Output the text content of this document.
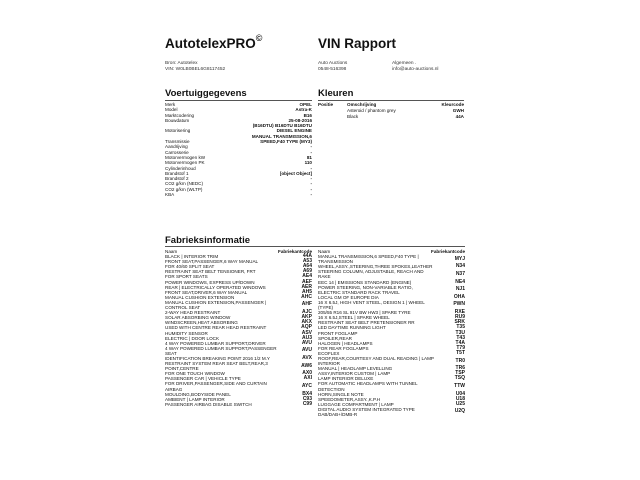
AutotelexPRO©	VIN Rapport
Bron: Autotelex
VIN: W0LB0BEL6G8117452
Auto Auctions
0548-516398
Algemeen .
info@auto-auctions.nl
Voertuiggegevens
Merk	OPEL
Model	Astra-K
Marktcodering	B16
Bouwdatum	25-08-2016
(B16DTU) B16DTU B16DTU
Motorisering	DIESEL ENGINE
MANUAL TRANSMISSION,6
Transmissie	SPEED,F40 TYPE (MY3)
Aandrijving	-
Carrosserie	-
Motorvermogen kW	81
Motorvermogen PK	110
Cylinderinhoud	-
Brandstof 1	[object Object]
Brandstof 2	-
CO2 g/km (NEDC)	-
CO2 g/km (WLTP)	-
KBA	-
Kleuren
Positie	Omschrijving	Kleurcode
Asteroid / phantom grey	GWH
Black	44A
Fabrieksinformatie
Naam	Fabriekantcode
BLACK | INTERIOR TRIM	44A
FRONT SEAT,PASSENGER,6 WAY MANUAL	A53
FOR 40/60 SPLIT SEAT	A64
RESTRAINT SEAT BELT TENSIONER, FRT	A69
FOR SPORT SEATS	AE4
POWER WINDOWS, EXPRESS UP/DOWN	AEF
REAR | ELECTRICALLY OPERATED WINDOWS	AER
FRONT SEAT,DRIVER,6 WAY MANUAL	AH5
MANUAL CUSHION EXTENSION	AHC
MANUAL CUSHION EXTENSION,PASSENGER | CONTROL SEAT
AHF
2-WAY HEAD RESTRAINT	AJC
SOLAR ABSORBING WINDOW	AKP
WINDSCREEN,HEAT ABSORBING	AKX
USED WITH CENTRE REAR HEAD RESTRAINT	AQP
HUMIDITY SENSOR	ASV
ELECTRIC | DOOR LOCK	AU3
4 WAY POWERED LUMBAR SUPPORT,DRIVER	AVU
4 WAY POWERED LUMBAR SUPPORT,PASSENGER SEAT
AVU
IDENTIFICATION BREAKING POINT 2016 1/2 M.Y	AVX
RESTRAINT SYSTEM REAR SEAT BELT,REAR,3 POINT,CENTRE
AW6
FOR ONE TOUCH WINDOW	AX0
PASSENGER CAR | VEHICLE TYPE	AXI
FOR DRIVER,PASSENGER,SIDE AND CURTAIN AIRBAG
AYC
MOULDING,BODYSIDE PANEL	BX4
AMBIENT | LAMP INTERIOR	C93
PASSENGER AIRBAG DISABLE SWITCH	C99
Naam	Fabriekantcode
MANUAL TRANSMISSION,6 SPEED,F40 TYPE | TRANSMISSION
MYJ
WHEEL,ASSY.,STEERING,THREE SPOKES,LEATHER	N34
STEERING COLUMN, ADJUSTABLE, REACH AND RAKE
N37
EEC 14 | EMISSIONS STANDARD (ENGINE)	NE4
POWER STEERING, NON-VARIABLE RATIO, ELECTRIC STANDARD RACK TRAVEL
NJ1
LOCAL GM OF EUROPE DIA	OHA
16 X 6.5J, HIGH VENT STEEL, DESIGN 1 | WHEEL (TYPE)
PWN
205/55 R16 SL 91V BW HW3 | SPARE TYRE	RXE
16 X 6.5J,STEEL | SPARE WHEEL	RU9
RESTRAINT SEAT BELT PRETENSIONER RR	SRK
LED DAYTIME RUNNING LIGHT	T35
FRONT FOGLAMP	T3U
SPOILER,REAR	T43
HALOGEN | HEADLAMPS	T4A
FOR REAR FOGLAMPS	T79
ECOFLEX	T5T
ROOF,REAR,COURTESY AND DUAL READING | LAMP INTERIOR
TR0
MANUAL | HEADLAMP LEVELLING	TR6
ASSY,INTERIOR CUSTOM | LAMP	TSP
LAMP INTERIOR DELUXE	TSQ
FOR AUTOMATIC HEADLAMPS WITH TUNNEL DETECTION
TTW
HORN,SINGLE NOTE	U04
SPEEDOMETER,ASSY.,K.P.H	U18
LUGGAGE COMPARTMENT | LAMP	U25
DIGITAL AUDIO SYSTEM INTEGRATED TYPE DAB/DAB+/DMB-R
U2Q
